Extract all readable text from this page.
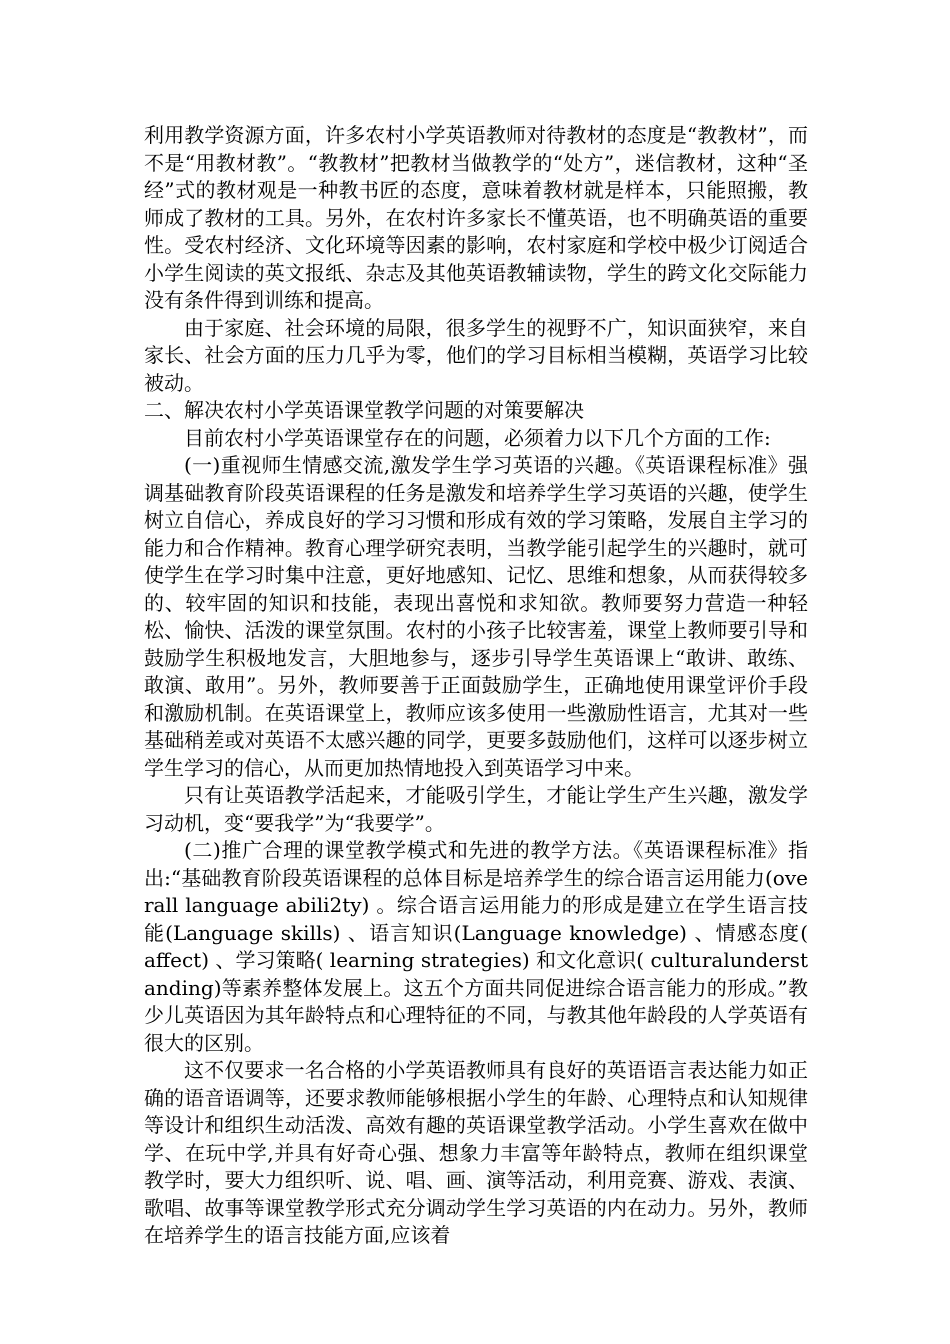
利用教学资源方面，许多农村小学英语教师对待教材的态度是“教教材”，而不是“用教材教”。“教教材”把教材当做教学的“处方”，迷信教材，这种“圣经”式的教材观是一种教书匠的态度，意味着教材就是样本，只能照搬，教师成了教材的工具。另外，在农村许多家长不懂英语，也不明确英语的重要性。受农村经济、文化环境等因素的影响，农村家庭和学校中极少订阅适合小学生阅读的英文报纸、杂志及其他英语教辅读物，学生的跨文化交际能力没有条件得到训练和提高。

由于家庭、社会环境的局限，很多学生的视野不广，知识面狭窄，来自家长、社会方面的压力几乎为零，他们的学习目标相当模糊，英语学习比较被动。

二、解决农村小学英语课堂教学问题的对策要解决

目前农村小学英语课堂存在的问题，必须着力以下几个方面的工作:

(一)重视师生情感交流,激发学生学习英语的兴趣。《英语课程标准》强调基础教育阶段英语课程的任务是激发和培养学生学习英语的兴趣，使学生树立自信心，养成良好的学习习惯和形成有效的学习策略，发展自主学习的能力和合作精神。教育心理学研究表明，当教学能引起学生的兴趣时，就可使学生在学习时集中注意，更好地感知、记忆、思维和想象，从而获得较多的、较牢固的知识和技能，表现出喜悦和求知欲。教师要努力营造一种轻松、愉快、活泼的课堂氛围。农村的小孩子比较害羞，课堂上教师要引导和鼓励学生积极地发言，大胆地参与，逐步引导学生英语课上“敢讲、敢练、敢演、敢用”。另外，教师要善于正面鼓励学生，正确地使用课堂评价手段和激励机制。在英语课堂上，教师应该多使用一些激励性语言，尤其对一些基础稍差或对英语不太感兴趣的同学，更要多鼓励他们，这样可以逐步树立学生学习的信心，从而更加热情地投入到英语学习中来。

只有让英语教学活起来，才能吸引学生，才能让学生产生兴趣，激发学习动机，变“要我学”为“我要学”。

(二)推广合理的课堂教学模式和先进的教学方法。《英语课程标准》指出:“基础教育阶段英语课程的总体目标是培养学生的综合语言运用能力(overall language abili2ty) 。综合语言运用能力的形成是建立在学生语言技能(Language skills) 、语言知识(Language knowledge) 、情感态度( affect) 、学习策略( learning strategies) 和文化意识( culturalunderstanding)等素养整体发展上。这五个方面共同促进综合语言能力的形成。”教少儿英语因为其年龄特点和心理特征的不同，与教其他年龄段的人学英语有很大的区别。

这不仅要求一名合格的小学英语教师具有良好的英语语言表达能力如正确的语音语调等，还要求教师能够根据小学生的年龄、心理特点和认知规律等设计和组织生动活泼、高效有趣的英语课堂教学活动。小学生喜欢在做中学、在玩中学,并具有好奇心强、想象力丰富等年龄特点，教师在组织课堂教学时，要大力组织听、说、唱、画、演等活动，利用竞赛、游戏、表演、歌唱、故事等课堂教学形式充分调动学生学习英语的内在动力。另外，教师在培养学生的语言技能方面,应该着
